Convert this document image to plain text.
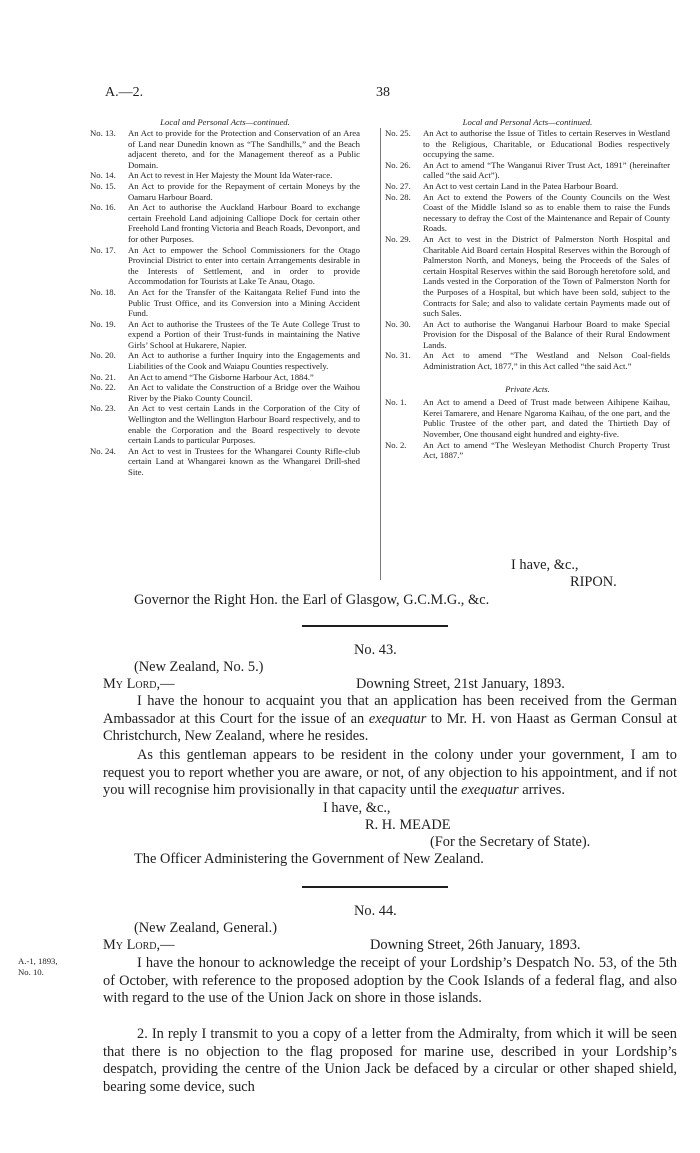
A.—2.	38
Local and Personal Acts—continued.
No. 13. An Act to provide for the Protection and Conservation of an Area of Land near Dunedin known as “The Sandhills,” and the Beach adjacent thereto, and for the Management thereof as a Public Domain.
No. 14. An Act to revest in Her Majesty the Mount Ida Water-race.
No. 15. An Act to provide for the Repayment of certain Moneys by the Oamaru Harbour Board.
No. 16. An Act to authorise the Auckland Harbour Board to exchange certain Freehold Land adjoining Calliope Dock for certain other Freehold Land fronting Victoria and Beach Roads, Devonport, and for other Purposes.
No. 17. An Act to empower the School Commissioners for the Otago Provincial District to enter into certain Arrangements desirable in the Interests of Settlement, and in order to provide Accommodation for Tourists at Lake Te Anau, Otago.
No. 18. An Act for the Transfer of the Kaitangata Relief Fund into the Public Trust Office, and its Conversion into a Mining Accident Fund.
No. 19. An Act to authorise the Trustees of the Te Aute College Trust to expend a Portion of their Trust-funds in maintaining the Native Girls’ School at Hukarere, Napier.
No. 20. An Act to authorise a further Inquiry into the Engagements and Liabilities of the Cook and Waiapu Counties respectively.
No. 21. An Act to amend “The Gisborne Harbour Act, 1884.”
No. 22. An Act to validate the Construction of a Bridge over the Waihou River by the Piako County Council.
No. 23. An Act to vest certain Lands in the Corporation of the City of Wellington and the Wellington Harbour Board respectively, and to enable the Corporation and the Board respectively to devote certain Lands to particular Purposes.
No. 24. An Act to vest in Trustees for the Whangarei County Rifle-club certain Land at Whangarei known as the Whangarei Drill-shed Site.
Local and Personal Acts—continued.
No. 25. An Act to authorise the Issue of Titles to certain Reserves in Westland to the Religious, Charitable, or Educational Bodies respectively occupying the same.
No. 26. An Act to amend “The Wanganui River Trust Act, 1891” (hereinafter called “the said Act”).
No. 27. An Act to vest certain Land in the Patea Harbour Board.
No. 28. An Act to extend the Powers of the County Councils on the West Coast of the Middle Island so as to enable them to raise the Funds necessary to defray the Cost of the Maintenance and Repair of County Roads.
No. 29. An Act to vest in the District of Palmerston North Hospital and Charitable Aid Board certain Hospital Reserves within the Borough of Palmerston North, and Moneys, being the Proceeds of the Sales of certain Hospital Reserves within the said Borough heretofore sold, and Lands vested in the Corporation of the Town of Palmerston North for the Purposes of a Hospital, but which have been sold, subject to the Contracts for Sale; and also to validate certain Payments made out of such Sales.
No. 30. An Act to authorise the Wanganui Harbour Board to make Special Provision for the Disposal of the Balance of their Rural Endowment Lands.
No. 31. An Act to amend “The Westland and Nelson Coal-fields Administration Act, 1877,” in this Act called “the said Act.”
Private Acts.
No. 1. An Act to amend a Deed of Trust made between Aihipene Kaihau, Kerei Tamarere, and Henare Ngaroma Kaihau, of the one part, and the Public Trustee of the other part, and dated the Thirtieth Day of November, One thousand eight hundred and eighty-five.
No. 2. An Act to amend “The Wesleyan Methodist Church Property Trust Act, 1887.”
I have, &c.,
RIPON.
Governor the Right Hon. the Earl of Glasgow, G.C.M.G., &c.
No. 43.
(New Zealand, No. 5.)
My Lord,—	Downing Street, 21st January, 1893.
I have the honour to acquaint you that an application has been received from the German Ambassador at this Court for the issue of an exequatur to Mr. H. von Haast as German Consul at Christchurch, New Zealand, where he resides.
As this gentleman appears to be resident in the colony under your government, I am to request you to report whether you are aware, or not, of any objection to his appointment, and if not you will recognise him provisionally in that capacity until the exequatur arrives.
I have, &c.,
R. H. MEADE
(For the Secretary of State).
The Officer Administering the Government of New Zealand.
No. 44.
(New Zealand, General.)
My Lord,—	Downing Street, 26th January, 1893.
A.-1, 1893,
No. 10.
I have the honour to acknowledge the receipt of your Lordship’s Despatch No. 53, of the 5th of October, with reference to the proposed adoption by the Cook Islands of a federal flag, and also with regard to the use of the Union Jack on shore in those islands.
2. In reply I transmit to you a copy of a letter from the Admiralty, from which it will be seen that there is no objection to the flag proposed for marine use, described in your Lordship’s despatch, providing the centre of the Union Jack be defaced by a circular or other shaped shield, bearing some device, such
